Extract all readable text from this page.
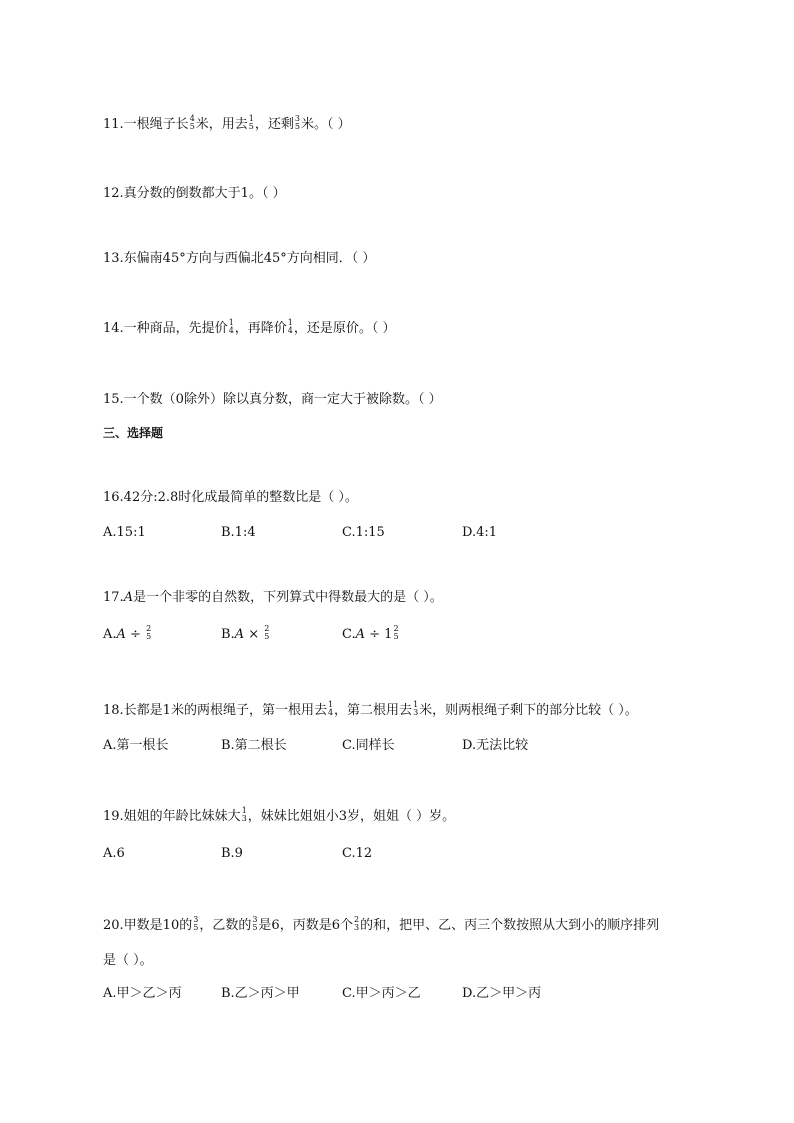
11.一根绳子长 4
5 米，用去 1
5 ，还剩 3
5 米。（ ）
12.真分数的倒数都大于1。（ ）
13.东偏南45°方向与西偏北45°方向相同．（ ）
14.一种商品，先提价 1
4 ，再降价 1
4 ，还是原价。（ ）
15.一个数（0除外）除以真分数，商一定大于被除数。（ ）
三、选择题
16.42分:2.8时化成最简单的整数比是（ ）。
A.15:1	B.1:4	C.1:15	D.4:1
17.A是一个非零的自然数，下列算式中得数最大的是（ ）。
A.A ÷ 2
5	B.A × 2
5	C.A ÷ 1 2
5
18.长都是1米的两根绳子，第一根用去 1
4 ，第二根用去 1
3 米，则两根绳子剩下的部分比较（ ）。
A.第一根长	B.第二根长	C.同样长	D.无法比较
19.姐姐的年龄比妹妹大 1
3 ，妹妹比姐姐小3岁，姐姐（ ）岁。
A.6	B.9	C.12
20.甲数是10的 3
5 ，乙数的 3
5 是6，丙数是6个 2
3 的和，把甲、乙、丙三个数按照从大到小的顺序排列
是（ ）。
A.甲＞乙＞丙	B.乙＞丙＞甲	C.甲＞丙＞乙	D.乙＞甲＞丙
